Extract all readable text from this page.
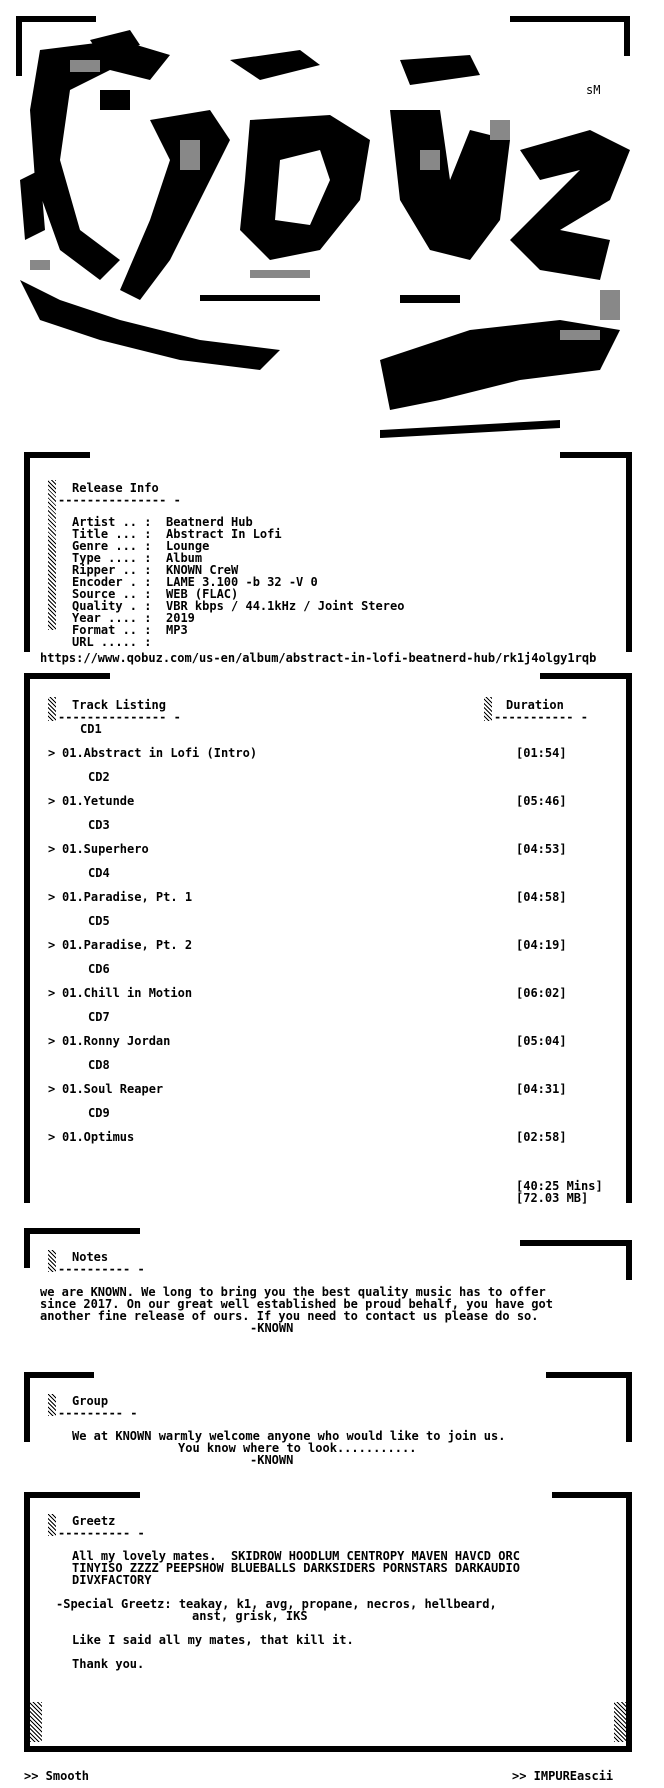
sM
Release Info
--------------- -
Artist .. : Beatnerd Hub
Title ... : Abstract In Lofi
Genre ... : Lounge
Type .... : Album
Ripper .. : KNOWN CreW
Encoder . : LAME 3.100 -b 32 -V 0
Source .. : WEB (FLAC)
Quality . : VBR kbps / 44.1kHz / Joint Stereo
Year .... : 2019
Format .. : MP3
URL ..... :
https://www.qobuz.com/us-en/album/abstract-in-lofi-beatnerd-hub/rk1j4olgy1rqb
Track Listing	Duration
--------------- -	----------- -
CD1
> 01.Abstract in Lofi (Intro)	[01:54]
CD2
> 01.Yetunde	[05:46]
CD3
> 01.Superhero	[04:53]
CD4
> 01.Paradise, Pt. 1	[04:58]
CD5
> 01.Paradise, Pt. 2	[04:19]
CD6
> 01.Chill in Motion	[06:02]
CD7
> 01.Ronny Jordan	[05:04]
CD8
> 01.Soul Reaper	[04:31]
CD9
> 01.Optimus	[02:58]
[40:25 Mins]
[72.03 MB]
Notes
---------- -
we are KNOWN. We long to bring you the best quality music has to offer
since 2017. On our great well established be proud behalf, you have got
another fine release of ours. If you need to contact us please do so.
-KNOWN
Group
--------- -
We at KNOWN warmly welcome anyone who would like to join us.
You know where to look...........
-KNOWN
Greetz
---------- -
All my lovely mates.  SKIDROW HOODLUM CENTROPY MAVEN HAVCD ORC
TINYISO ZZZZ PEEPSHOW BLUEBALLS DARKSIDERS PORNSTARS DARKAUDIO
DIVXFACTORY
-Special Greetz: teakay, k1, avg, propane, necros, hellbeard,
anst, grisk, IKS
Like I said all my mates, that kill it.
Thank you.
>> Smooth	>> IMPUREascii
